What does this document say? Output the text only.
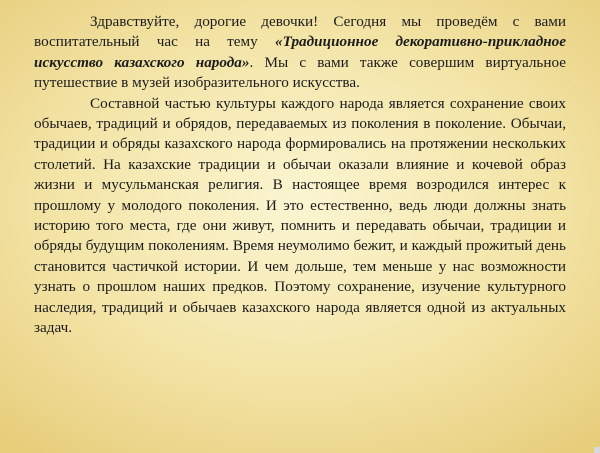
Здравствуйте, дорогие девочки! Сегодня мы проведём с вами воспитательный час на тему «Традиционное декоративно-прикладное искусство казахского народа». Мы с вами также совершим виртуальное путешествие в музей изобразительного искусства.

Составной частью культуры каждого народа является сохранение своих обычаев, традиций и обрядов, передаваемых из поколения в поколение. Обычаи, традиции и обряды казахского народа формировались на протяжении нескольких столетий. На казахские традиции и обычаи оказали влияние и кочевой образ жизни и мусульманская религия. В настоящее время возродился интерес к прошлому у молодого поколения. И это естественно, ведь люди должны знать историю того места, где они живут, помнить и передавать обычаи, традиции и обряды будущим поколениям. Время неумолимо бежит, и каждый прожитый день становится частичкой истории. И чем дольше, тем меньше у нас возможности узнать о прошлом наших предков. Поэтому сохранение, изучение культурного наследия, традиций и обычаев казахского народа является одной из актуальных задач.
